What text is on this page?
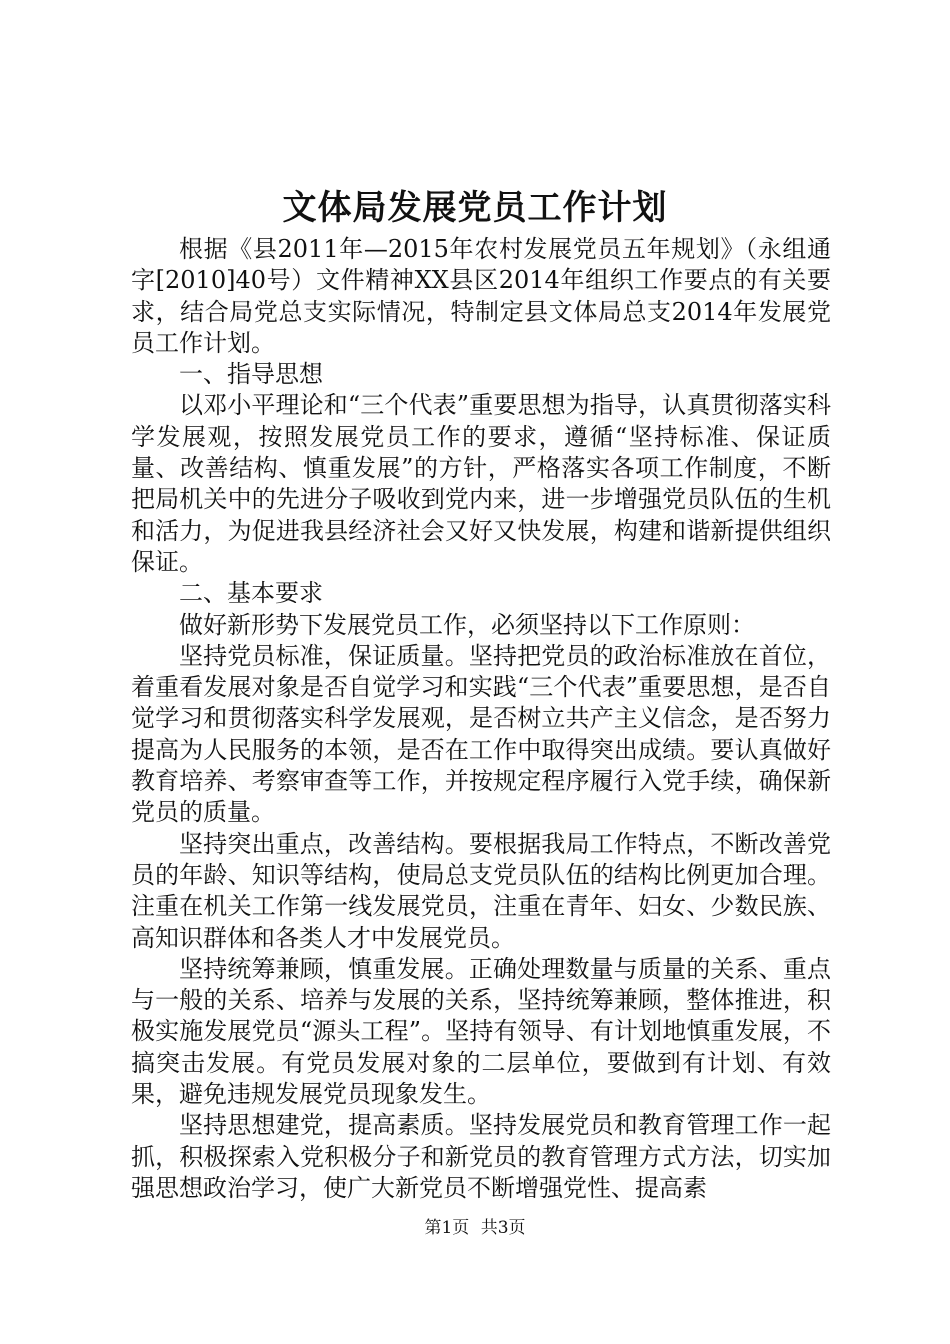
文体局发展党员工作计划

根据《县2011年—2015年农村发展党员五年规划》（永组通字[2010]40号）文件精神XX县区2014年组织工作要点的有关要求，结合局党总支实际情况，特制定县文体局总支2014年发展党员工作计划。

一、指导思想

以邓小平理论和“三个代表”重要思想为指导，认真贯彻落实科学发展观，按照发展党员工作的要求，遵循“坚持标准、保证质量、改善结构、慎重发展”的方针，严格落实各项工作制度，不断把局机关中的先进分子吸收到党内来，进一步增强党员队伍的生机和活力，为促进我县经济社会又好又快发展，构建和谐新提供组织保证。

二、基本要求

做好新形势下发展党员工作，必须坚持以下工作原则：

坚持党员标准，保证质量。坚持把党员的政治标准放在首位，着重看发展对象是否自觉学习和实践“三个代表”重要思想，是否自觉学习和贯彻落实科学发展观，是否树立共产主义信念，是否努力提高为人民服务的本领，是否在工作中取得突出成绩。要认真做好教育培养、考察审查等工作，并按规定程序履行入党手续，确保新党员的质量。

坚持突出重点，改善结构。要根据我局工作特点，不断改善党员的年龄、知识等结构，使局总支党员队伍的结构比例更加合理。注重在机关工作第一线发展党员，注重在青年、妇女、少数民族、高知识群体和各类人才中发展党员。

坚持统筹兼顾，慎重发展。正确处理数量与质量的关系、重点与一般的关系、培养与发展的关系，坚持统筹兼顾，整体推进，积极实施发展党员“源头工程”。坚持有领导、有计划地慎重发展，不搞突击发展。有党员发展对象的二层单位，要做到有计划、有效果，避免违规发展党员现象发生。

坚持思想建党，提高素质。坚持发展党员和教育管理工作一起抓，积极探索入党积极分子和新党员的教育管理方式方法，切实加强思想政治学习，使广大新党员不断增强党性、提高素

第1页 共3页
